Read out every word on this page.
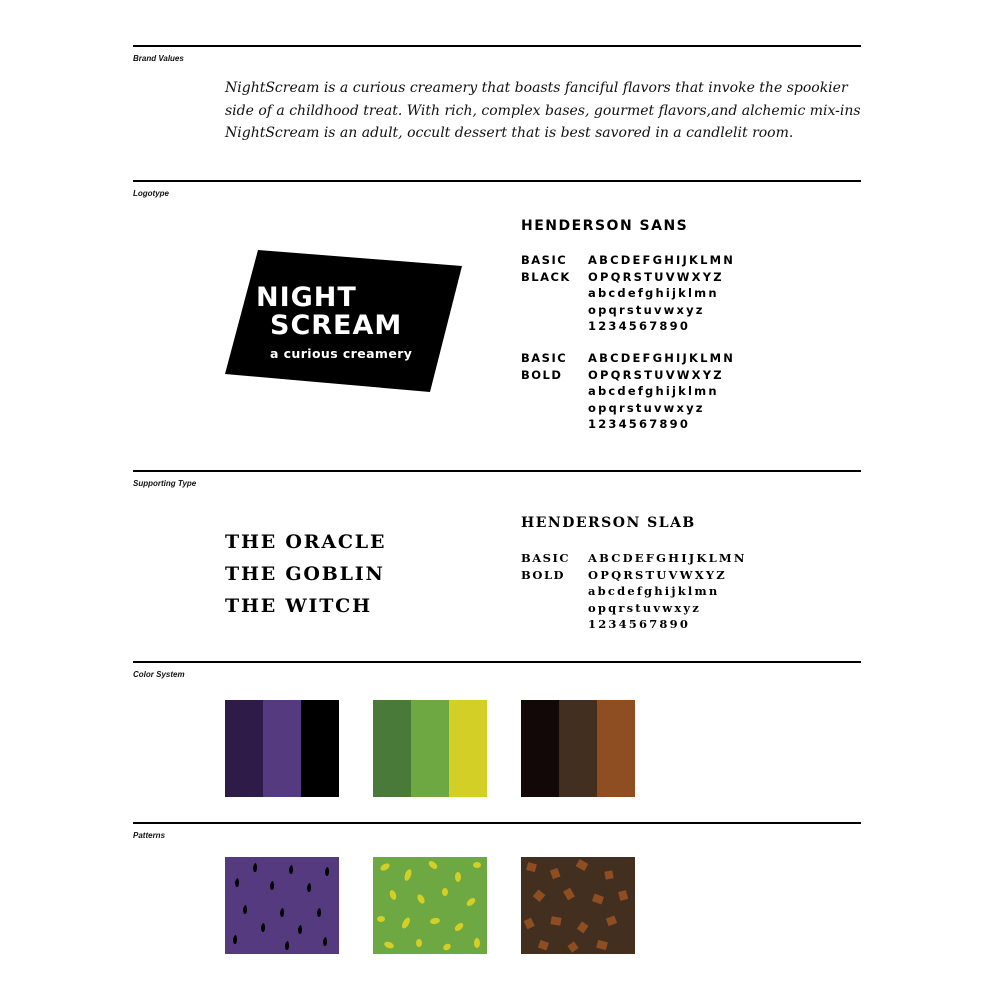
Brand Values
NightScream is a curious creamery that boasts fanciful flavors that invoke the spookier
side of a childhood treat. With rich, complex bases, gourmet flavors,and alchemic mix-ins
NightScream is an adult, occult dessert that is best savored in a candlelit room.
Logotype
NIGHT
SCREAM
a curious creamery
HENDERSON SANS
BASIC
BLACK
ABCDEFGHIJKLMN
OPQRSTUVWXYZ
abcdefghijklmn
opqrstuvwxyz
1234567890
BASIC
BOLD
ABCDEFGHIJKLMN
OPQRSTUVWXYZ
abcdefghijklmn
opqrstuvwxyz
1234567890
Supporting Type
THE ORACLE
THE GOBLIN
THE WITCH
HENDERSON SLAB
BASIC
BOLD
ABCDEFGHIJKLMN
OPQRSTUVWXYZ
abcdefghijklmn
opqrstuvwxyz
1234567890
Color System
Patterns
